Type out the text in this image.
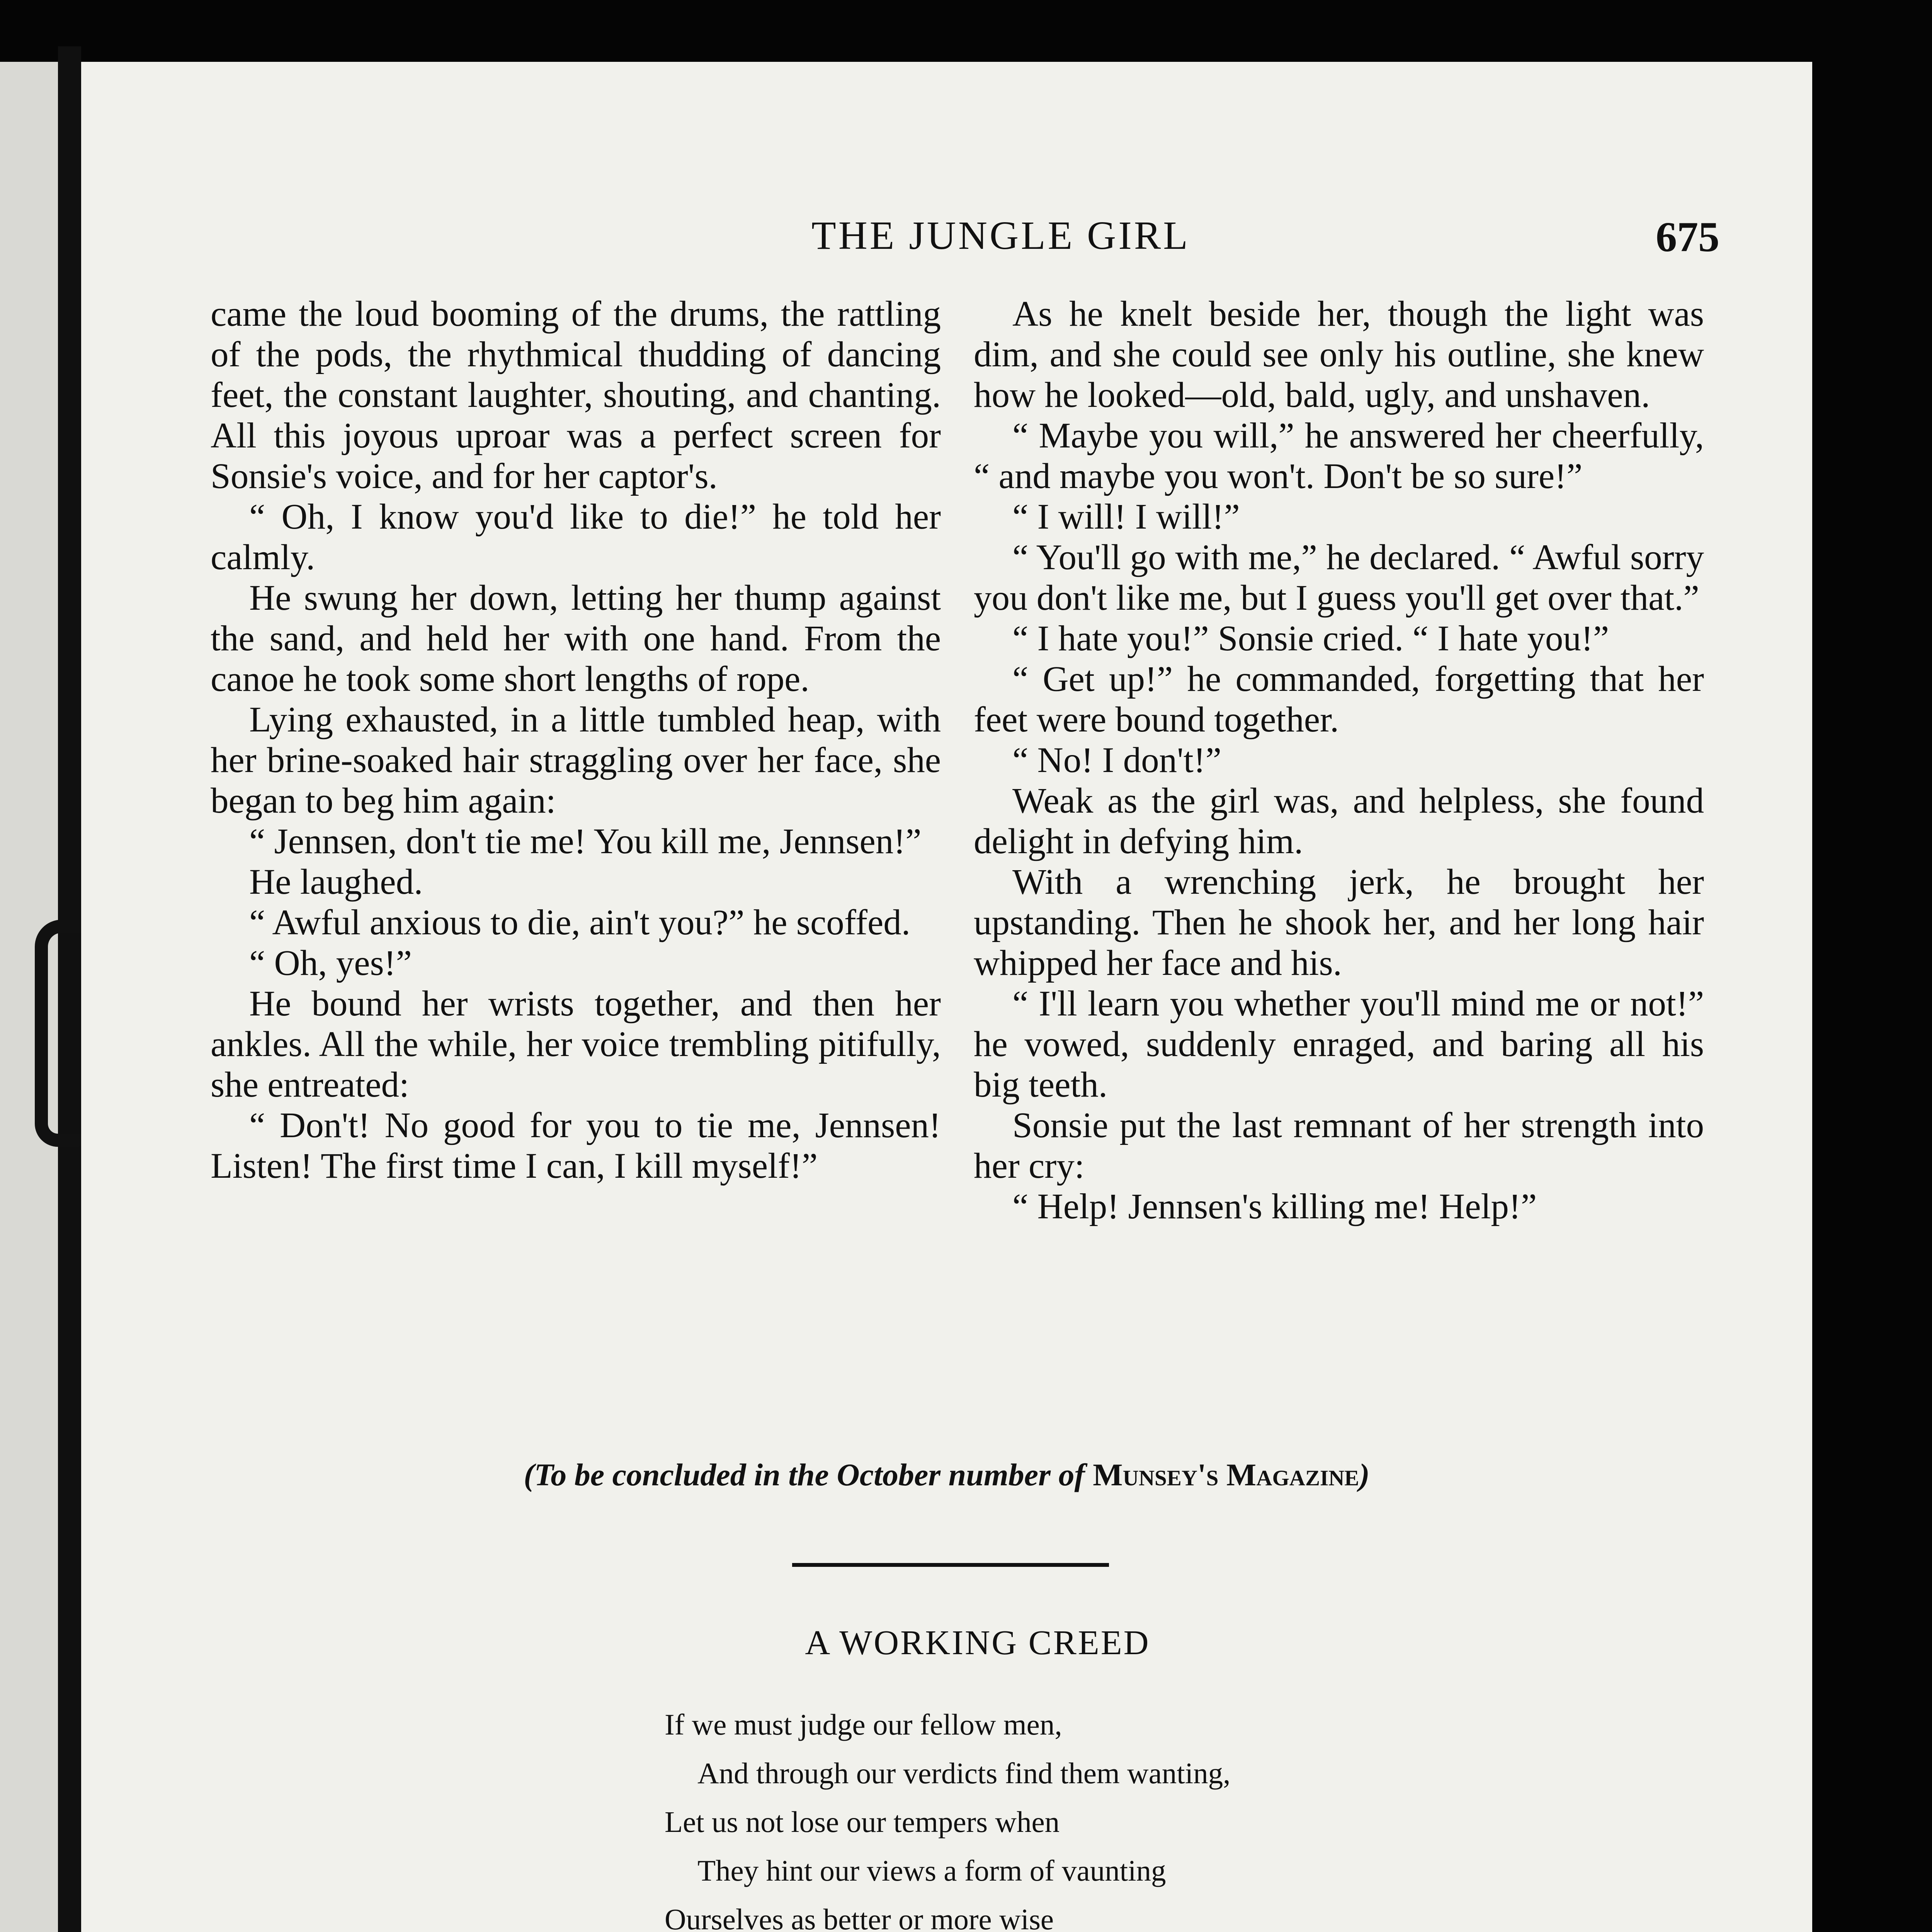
THE JUNGLE GIRL	675

came the loud booming of the drums, the rattling of the pods, the rhythmical thudding of dancing feet, the constant laughter, shouting, and chanting. All this joyous uproar was a perfect screen for Sonsie's voice, and for her captor's.

“ Oh, I know you'd like to die!” he told her calmly.

He swung her down, letting her thump against the sand, and held her with one hand. From the canoe he took some short lengths of rope.

Lying exhausted, in a little tumbled heap, with her brine-soaked hair straggling over her face, she began to beg him again:

“ Jennsen, don't tie me! You kill me, Jennsen!”

He laughed.

“ Awful anxious to die, ain't you?” he scoffed.

“ Oh, yes!”

He bound her wrists together, and then her ankles. All the while, her voice trembling pitifully, she entreated:

“ Don't! No good for you to tie me, Jennsen! Listen! The first time I can, I kill myself!”

As he knelt beside her, though the light was dim, and she could see only his outline, she knew how he looked—old, bald, ugly, and unshaven.

“ Maybe you will,” he answered her cheerfully, “ and maybe you won't. Don't be so sure!”

“ I will! I will!”

“ You'll go with me,” he declared. “ Awful sorry you don't like me, but I guess you'll get over that.”

“ I hate you!” Sonsie cried. “ I hate you!”

“ Get up!” he commanded, forgetting that her feet were bound together.

“ No! I don't!”

Weak as the girl was, and helpless, she found delight in defying him.

With a wrenching jerk, he brought her upstanding. Then he shook her, and her long hair whipped her face and his.

“ I'll learn you whether you'll mind me or not!” he vowed, suddenly enraged, and baring all his big teeth.

Sonsie put the last remnant of her strength into her cry:

“ Help! Jennsen's killing me! Help!”

(To be concluded in the October number of Munsey's Magazine)
A WORKING CREED
If we must judge our fellow men,
And through our verdicts find them wanting,
Let us not lose our tempers when
They hint our views a form of vaunting
Ourselves as better or more wise
